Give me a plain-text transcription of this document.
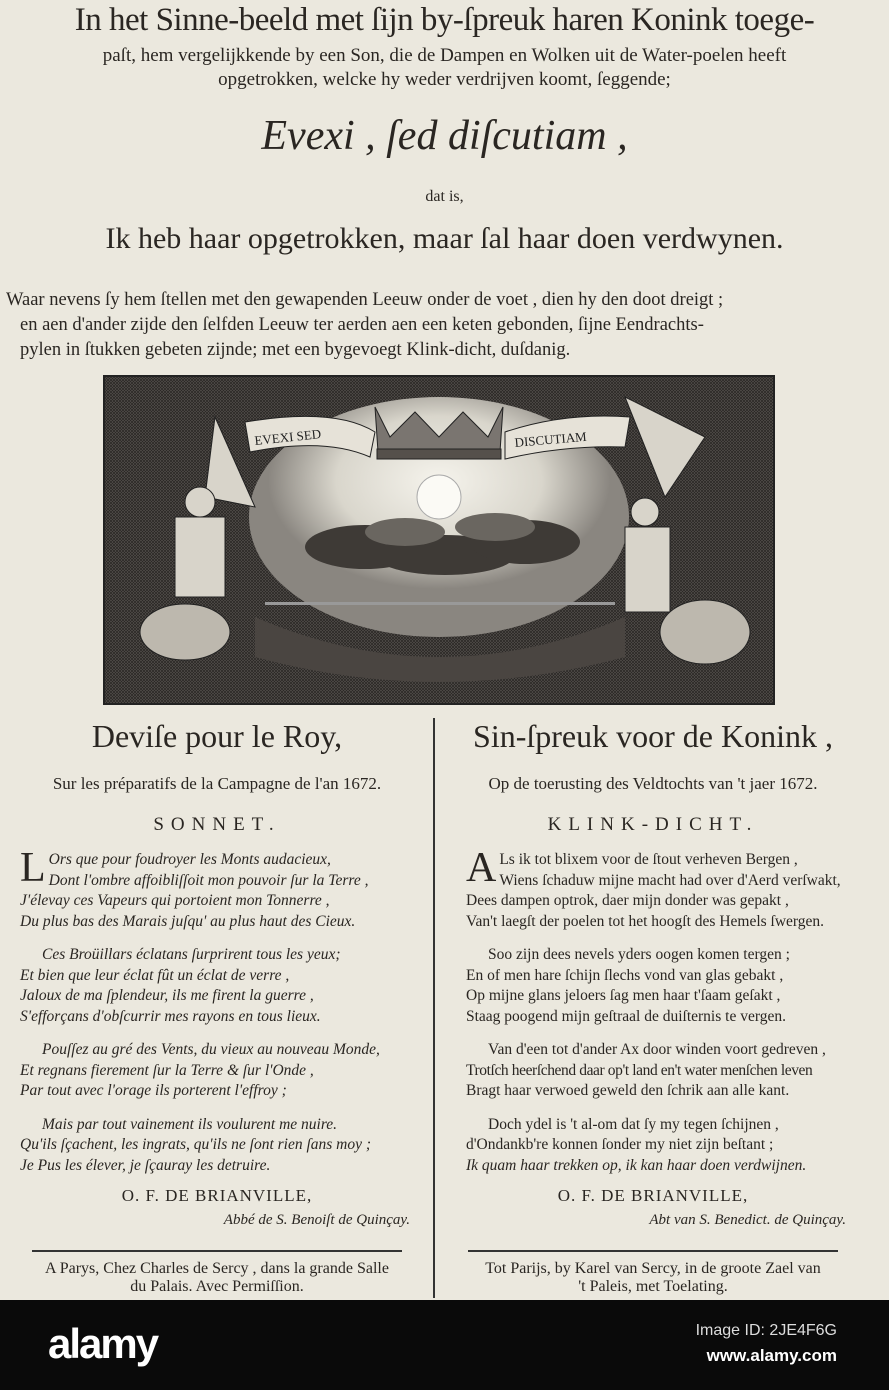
In het Sinne-beeld met ſijn by-ſpreuk haren Konink toege-
paſt, hem vergelijkkende by een Son, die de Dampen en Wolken uit de Water-poelen heeft
opgetrokken, welcke hy weder verdrijven koomt, ſeggende;
Evexi , ſed diſcutiam ,
dat is,
Ik heb haar opgetrokken, maar ſal haar doen verdwynen.
Waar nevens ſy hem ſtellen met den gewapenden Leeuw onder de voet , dien hy den doot dreigt ;
en aen d'ander zijde den ſelfden Leeuw ter aerden aen een keten gebonden, ſijne Eendrachts-
pylen in ſtukken gebeten zijnde; met een bygevoegt Klink-dicht, duſdanig.
EVEXI SED	DISCUTIAM
Deviſe pour le Roy,
Sur les préparatifs de la Campagne de l'an 1672.
SONNET.
L Ors que pour foudroyer les Monts audacieux,
Dont l'ombre affoibliſſoit mon pouvoir ſur la Terre ,
J'élevay ces Vapeurs qui portoient mon Tonnerre ,
Du plus bas des Marais juſqu' au plus haut des Cieux.
Ces Broüillars éclatans ſurprirent tous les yeux;
Et bien que leur éclat fût un éclat de verre ,
Jaloux de ma ſplendeur, ils me firent la guerre ,
S'efforçans d'obſcurrir mes rayons en tous lieux.
Pouſſez au gré des Vents, du vieux au nouveau Monde,
Et regnans fierement ſur la Terre & ſur l'Onde ,
Par tout avec l'orage ils porterent l'effroy ;
Mais par tout vainement ils voulurent me nuire.
Qu'ils ſçachent, les ingrats, qu'ils ne ſont rien ſans moy ;
Je Pus les élever, je ſçauray les detruire.
O. F. DE BRIANVILLE,
Abbé de S. Benoiſt de Quinçay.
A Parys, Chez Charles de Sercy , dans la grande Salle
du Palais. Avec Permiſſion.
Sin-ſpreuk voor de Konink ,
Op de toerusting des Veldtochts van 't jaer 1672.
KLINK-DICHT.
A Ls ik tot blixem voor de ſtout verheven Bergen ,
Wiens ſchaduw mijne macht had over d'Aerd verſwakt,
Dees dampen optrok, daer mijn donder was gepakt ,
Van't laegſt der poelen tot het hoogſt des Hemels ſwergen.
Soo zijn dees nevels yders oogen komen tergen ;
En of men hare ſchijn ſlechs vond van glas gebakt ,
Op mijne glans jeloers ſag men haar t'ſaam geſakt ,
Staag poogend mijn geſtraal de duiſternis te vergen.
Van d'een tot d'ander Ax door winden voort gedreven ,
Trotſch heerſchend daar op't land en't water menſchen leven
Bragt haar verwoed geweld den ſchrik aan alle kant.
Doch ydel is 't al-om dat ſy my tegen ſchijnen ,
d'Ondankb're konnen ſonder my niet zijn beſtant ;
Ik quam haar trekken op, ik kan haar doen verdwijnen.
O. F. DE BRIANVILLE,
Abt van S. Benedict. de Quinçay.
Tot Parijs, by Karel van Sercy, in de groote Zael van
't Paleis, met Toelating.
alamy	Image ID: 2JE4F6G
www.alamy.com
